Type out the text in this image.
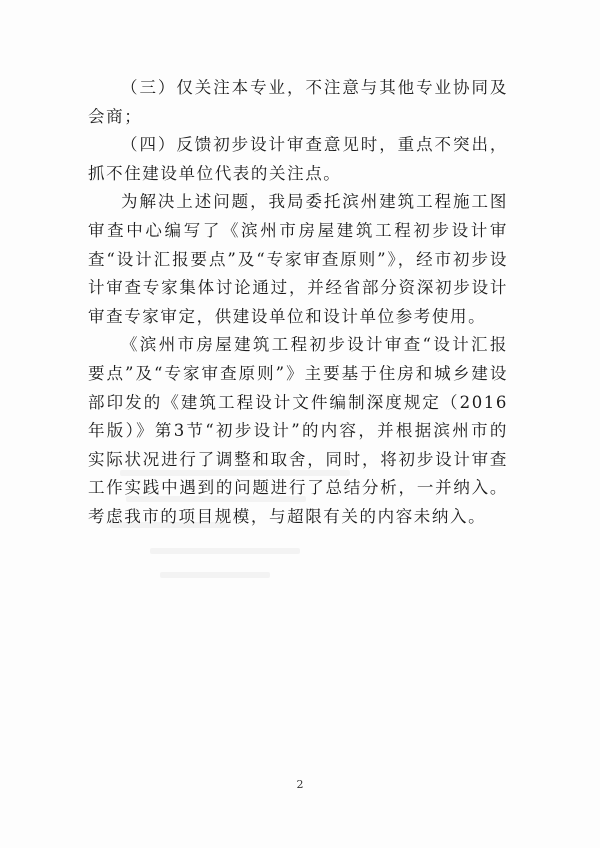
（三）仅关注本专业，不注意与其他专业协同及会商；

（四）反馈初步设计审查意见时，重点不突出，抓不住建设单位代表的关注点。

为解决上述问题，我局委托滨州建筑工程施工图审查中心编写了《滨州市房屋建筑工程初步设计审查“设计汇报要点”及“专家审查原则”》，经市初步设计审查专家集体讨论通过，并经省部分资深初步设计审查专家审定，供建设单位和设计单位参考使用。

《滨州市房屋建筑工程初步设计审查“设计汇报要点”及“专家审查原则”》主要基于住房和城乡建设部印发的《建筑工程设计文件编制深度规定（2016年版）》第3节“初步设计”的内容，并根据滨州市的实际状况进行了调整和取舍，同时，将初步设计审查工作实践中遇到的问题进行了总结分析，一并纳入。考虑我市的项目规模，与超限有关的内容未纳入。

2
